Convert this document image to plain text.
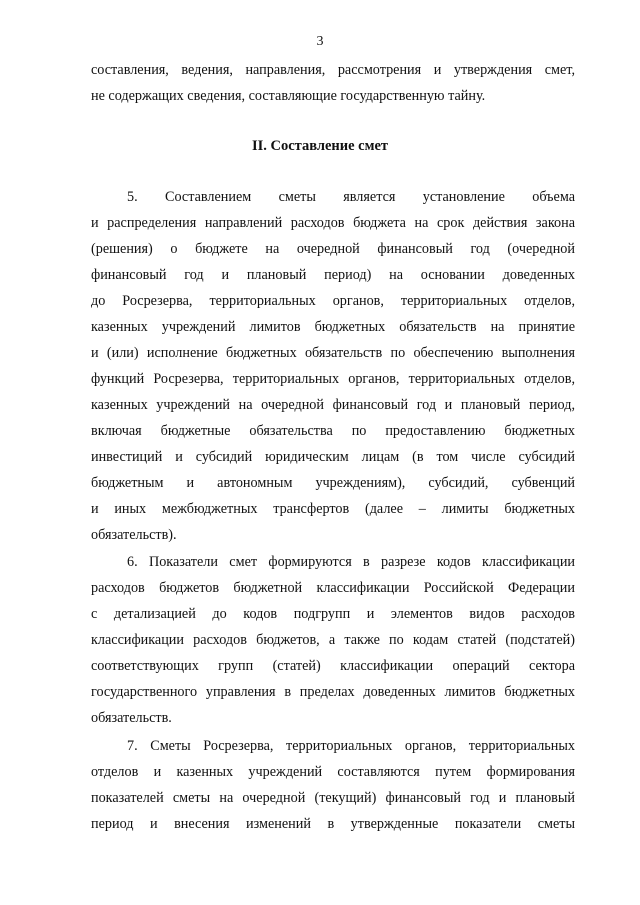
3
составления, ведения, направления, рассмотрения и утверждения смет,
не содержащих сведения, составляющие государственную тайну.
II. Составление смет
5. Составлением сметы является установление объема
и распределения направлений расходов бюджета на срок действия закона
(решения) о бюджете на очередной финансовый год (очередной
финансовый год и плановый период) на основании доведенных
до Росрезерва, территориальных органов, территориальных отделов,
казенных учреждений лимитов бюджетных обязательств на принятие
и (или) исполнение бюджетных обязательств по обеспечению выполнения
функций Росрезерва, территориальных органов, территориальных отделов,
казенных учреждений на очередной финансовый год и плановый период,
включая бюджетные обязательства по предоставлению бюджетных
инвестиций и субсидий юридическим лицам (в том числе субсидий
бюджетным и автономным учреждениям), субсидий, субвенций
и иных межбюджетных трансфертов (далее – лимиты бюджетных
обязательств).
6. Показатели смет формируются в разрезе кодов классификации
расходов бюджетов бюджетной классификации Российской Федерации
с детализацией до кодов подгрупп и элементов видов расходов
классификации расходов бюджетов, а также по кодам статей (подстатей)
соответствующих групп (статей) классификации операций сектора
государственного управления в пределах доведенных лимитов бюджетных
обязательств.
7. Сметы Росрезерва, территориальных органов, территориальных
отделов и казенных учреждений составляются путем формирования
показателей сметы на очередной (текущий) финансовый год и плановый
период и внесения изменений в утвержденные показатели сметы
